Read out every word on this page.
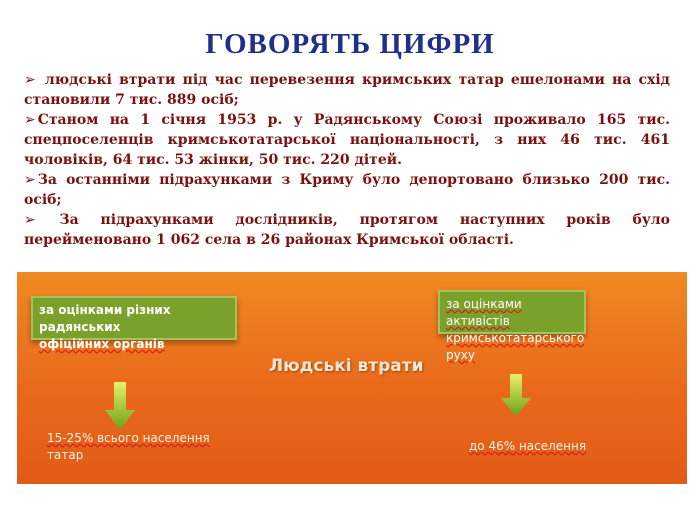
ГОВОРЯТЬ ЦИФРИ

➢ людські втрати під час перевезення кримських татар ешелонами на схід становили 7 тис. 889 осіб;

➢ Станом на 1 січня 1953 р. у Радянському Союзі проживало 165 тис. спецпоселенців кримськотатарської національності, з них 46 тис. 461 чоловіків, 64 тис. 53 жінки, 50 тис. 220 дітей.

➢ За останніми підрахунками з Криму було депортовано близько 200 тис. осіб;

➢ За підрахунками дослідників, протягом наступних років було перейменовано 1 062 села в 26 районах Кримської області.

за оцінками різних радянських
офіційних органів
за оцінками активістів
кримськотатарського руху
Людські втрати
15-25% всього населення
татар
до 46% населення
